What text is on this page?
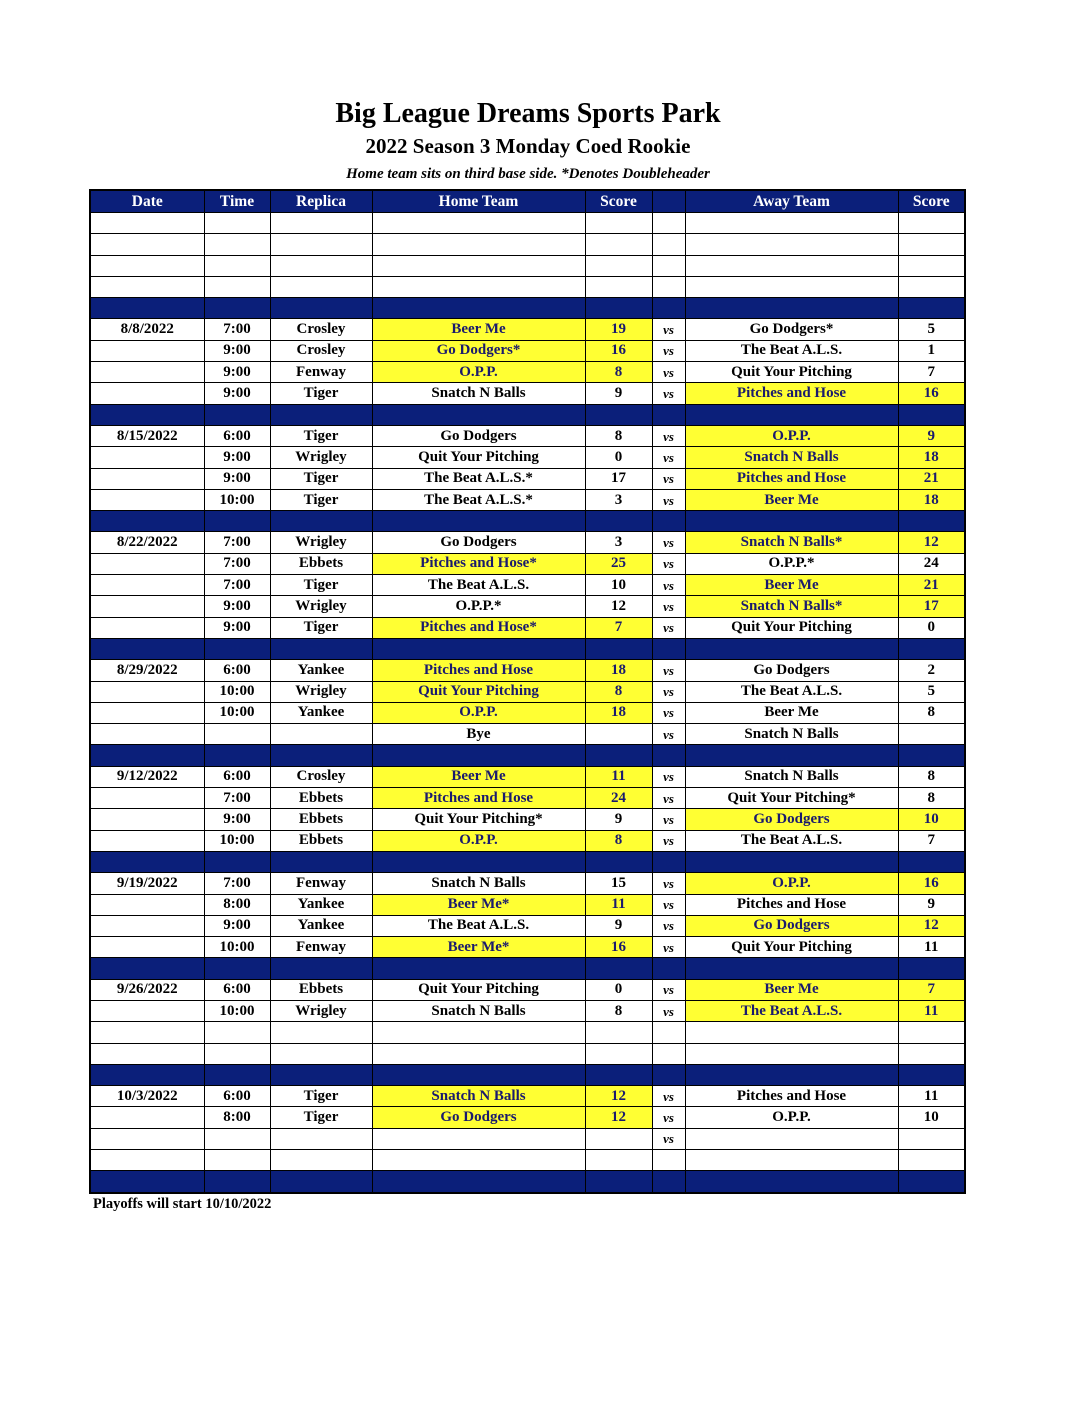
Big League Dreams Sports Park
2022 Season 3 Monday Coed Rookie
Home team sits on third base side. *Denotes Doubleheader
Date	Time	Replica	Home Team	Score		Away Team	Score

8/8/2022	7:00	Crosley	Beer Me	19	vs	Go Dodgers*	5
	9:00	Crosley	Go Dodgers*	16	vs	The Beat A.L.S.	1
	9:00	Fenway	O.P.P.	8	vs	Quit Your Pitching	7
	9:00	Tiger	Snatch N Balls	9	vs	Pitches and Hose	16

8/15/2022	6:00	Tiger	Go Dodgers	8	vs	O.P.P.	9
	9:00	Wrigley	Quit Your Pitching	0	vs	Snatch N Balls	18
	9:00	Tiger	The Beat A.L.S.*	17	vs	Pitches and Hose	21
	10:00	Tiger	The Beat A.L.S.*	3	vs	Beer Me	18

8/22/2022	7:00	Wrigley	Go Dodgers	3	vs	Snatch N Balls*	12
	7:00	Ebbets	Pitches and Hose*	25	vs	O.P.P.*	24
	7:00	Tiger	The Beat A.L.S.	10	vs	Beer Me	21
	9:00	Wrigley	O.P.P.*	12	vs	Snatch N Balls*	17
	9:00	Tiger	Pitches and Hose*	7	vs	Quit Your Pitching	0

8/29/2022	6:00	Yankee	Pitches and Hose	18	vs	Go Dodgers	2
	10:00	Wrigley	Quit Your Pitching	8	vs	The Beat A.L.S.	5
	10:00	Yankee	O.P.P.	18	vs	Beer Me	8
			Bye		vs	Snatch N Balls	

9/12/2022	6:00	Crosley	Beer Me	11	vs	Snatch N Balls	8
	7:00	Ebbets	Pitches and Hose	24	vs	Quit Your Pitching*	8
	9:00	Ebbets	Quit Your Pitching*	9	vs	Go Dodgers	10
	10:00	Ebbets	O.P.P.	8	vs	The Beat A.L.S.	7

9/19/2022	7:00	Fenway	Snatch N Balls	15	vs	O.P.P.	16
	8:00	Yankee	Beer Me*	11	vs	Pitches and Hose	9
	9:00	Yankee	The Beat A.L.S.	9	vs	Go Dodgers	12
	10:00	Fenway	Beer Me*	16	vs	Quit Your Pitching	11

9/26/2022	6:00	Ebbets	Quit Your Pitching	0	vs	Beer Me	7
	10:00	Wrigley	Snatch N Balls	8	vs	The Beat A.L.S.	11

10/3/2022	6:00	Tiger	Snatch N Balls	12	vs	Pitches and Hose	11
	8:00	Tiger	Go Dodgers	12	vs	O.P.P.	10
					vs		

Playoffs will start 10/10/2022
